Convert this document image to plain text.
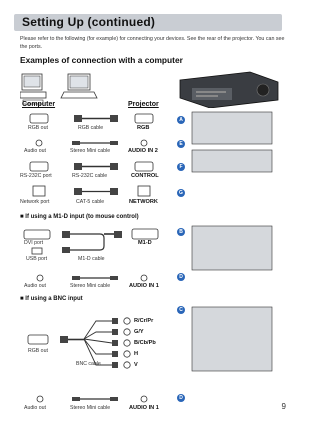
Setting Up (continued)
Please refer to the following (for example) for connecting your devices. See the rear of the projector. You can see the ports.
Examples of connection with a computer
Computer	Projector
RGB out	RGB cable	RGB
A
Audio out	Stereo Mini cable	AUDIO IN 2
E
RS-232C port	RS-232C cable	CONTROL
F
Network port	CAT-5 cable	NETWORK
G
■ If using a M1-D input (to mouse control)
DVI port
USB port	M1-D cable
M1-D
B
Audio out	Stereo Mini cable	AUDIO IN 1
D
■ If using a BNC input
RGB out
BNC cable
R/Cr/Pr
G/Y
B/Cb/Pb
H
V
C
Audio out	Stereo Mini cable	AUDIO IN 1
D
9
